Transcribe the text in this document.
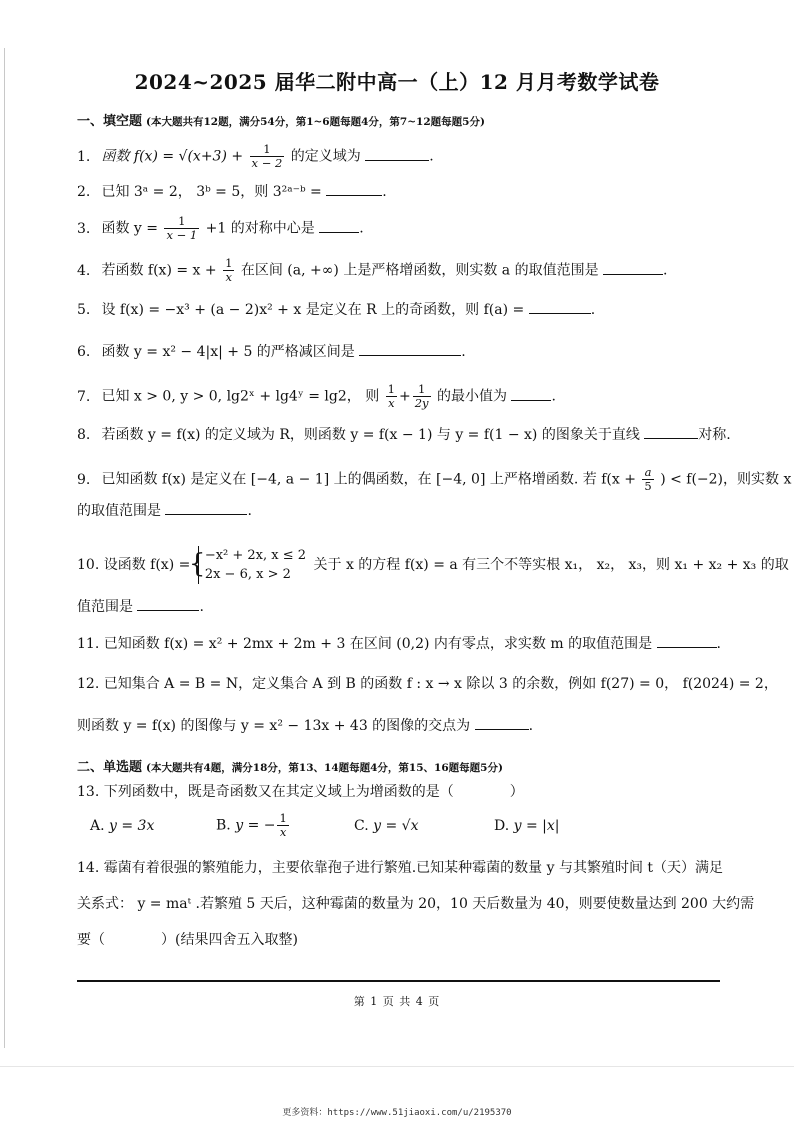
2024~2025 届华二附中高一（上）12 月月考数学试卷
一、填空题 (本大题共有12题，满分54分，第1~6题每题4分，第7~12题每题5分)
1. 函数 $f(x) = √(x+3) + \frac{1}{x - 2}$ 的定义域为	.
2. 已知 3ᵃ = 2， 3ᵇ = 5，则 3²ᵃ⁻ᵇ =	.
3. 函数 $y = \frac{1}{x - 1} +1$ 的对称中心是	.
4. 若函数 $f(x) = x + \frac{1}{x}$ 在区间 (a, +∞) 上是严格增函数，则实数 a 的取值范围是	.
5. 设 f(x) = −x³ + (a − 2)x² + x 是定义在 R 上的奇函数，则 f(a) =	.
6. 函数 y = x² − 4|x| + 5 的严格减区间是	.
7. 已知 x > 0, y > 0, lg2ˣ + lg4ʸ = lg2， 则 $\frac{1}{x} + \frac{1}{2y}$ 的最小值为	.
8. 若函数 y = f(x) 的定义域为 R，则函数 y = f(x − 1) 与 y = f(1 − x) 的图象关于直线	对称.
9. 已知函数 f(x) 是定义在 [−4, a − 1] 上的偶函数，在 [−4, 0] 上严格增函数. 若 $f(x + \frac{a}{5}$ ) < f(−2)，则实数 x
的取值范围是	.
10. 设函数 f(x) =
{ −x² + 2x, x ≤ 2
2x − 6, x > 2
关于 x 的方程 f(x) = a 有三个不等实根 x₁， x₂， x₃，则 x₁ + x₂ + x₃ 的取
值范围是	.
11. 已知函数 f(x) = x² + 2mx + 2m + 3 在区间 (0,2) 内有零点，求实数 m 的取值范围是	.
12. 已知集合 A = B = N，定义集合 A 到 B 的函数 f : x → x 除以 3 的余数，例如 f(27) = 0， f(2024) = 2，
则函数 y = f(x) 的图像与 y = x² − 13x + 43 的图像的交点为	.
二、单选题 (本大题共有4题，满分18分，第13、14题每题4分，第15、16题每题5分)
13. 下列函数中，既是奇函数又在其定义域上为增函数的是（　　　　）
A. y = 3x	B. y = − $\frac{1}{x}$	C. y = √x	D. y = |x|
14. 霉菌有着很强的繁殖能力，主要依靠孢子进行繁殖.已知某种霉菌的数量 y 与其繁殖时间 t（天）满足
关系式： y = maᵗ .若繁殖 5 天后，这种霉菌的数量为 20，10 天后数量为 40，则要使数量达到 200 大约需
要（　　　　）(结果四舍五入取整)
第 1 页 共 4 页
更多资料：https://www.51jiaoxi.com/u/2195370
